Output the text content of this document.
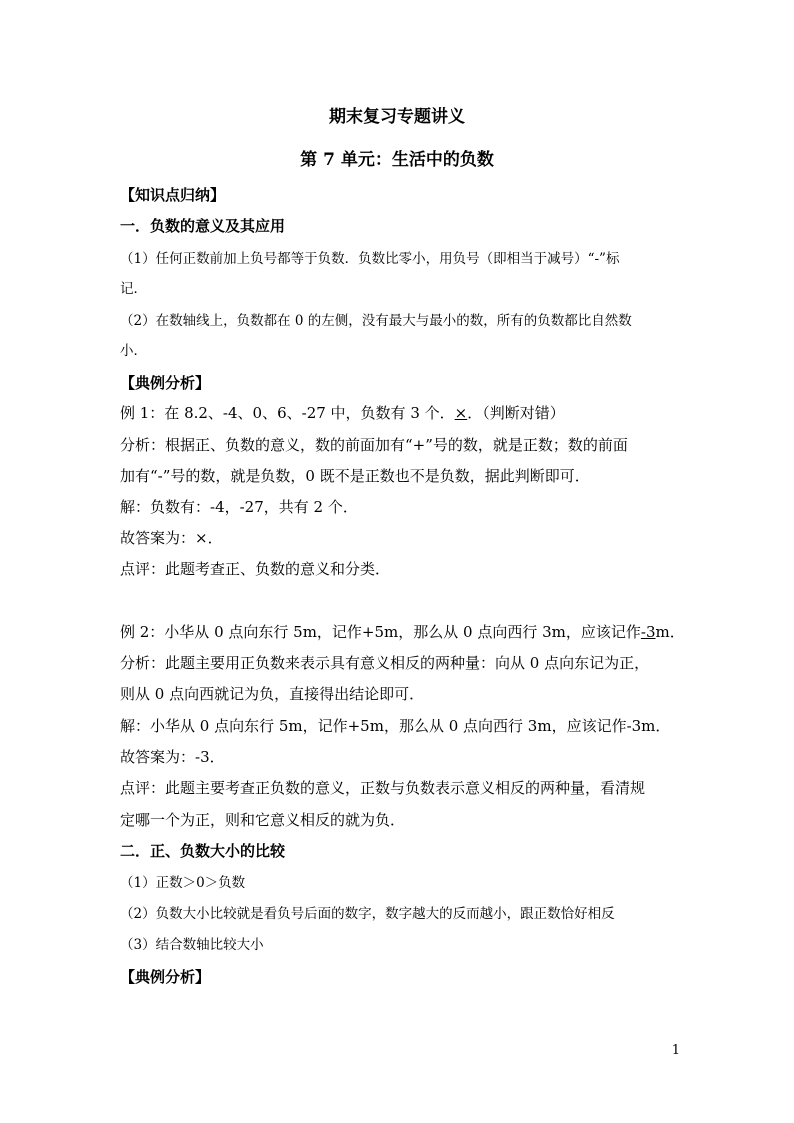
期末复习专题讲义
第 7 单元：生活中的负数
【知识点归纳】
一．负数的意义及其应用
（1）任何正数前加上负号都等于负数．负数比零小，用负号（即相当于减号）“-”标
记．
（2）在数轴线上，负数都在 0 的左侧，没有最大与最小的数，所有的负数都比自然数
小．
【典例分析】
例 1：在 8.2、-4、0、6、-27 中，负数有 3 个．×．（判断对错）
分析：根据正、负数的意义，数的前面加有“+”号的数，就是正数；数的前面
加有“-”号的数，就是负数，0 既不是正数也不是负数，据此判断即可．
解：负数有：-4，-27，共有 2 个．
故答案为：×．
点评：此题考查正、负数的意义和分类．
例 2：小华从 0 点向东行 5m，记作+5m，那么从 0 点向西行 3m，应该记作-3m．
分析：此题主要用正负数来表示具有意义相反的两种量：向从 0 点向东记为正，
则从 0 点向西就记为负，直接得出结论即可．
解：小华从 0 点向东行 5m，记作+5m，那么从 0 点向西行 3m，应该记作-3m．
故答案为：-3．
点评：此题主要考查正负数的意义，正数与负数表示意义相反的两种量，看清规
定哪一个为正，则和它意义相反的就为负．
二．正、负数大小的比较
（1）正数＞0＞负数
（2）负数大小比较就是看负号后面的数字，数字越大的反而越小，跟正数恰好相反
（3）结合数轴比较大小
【典例分析】
1
